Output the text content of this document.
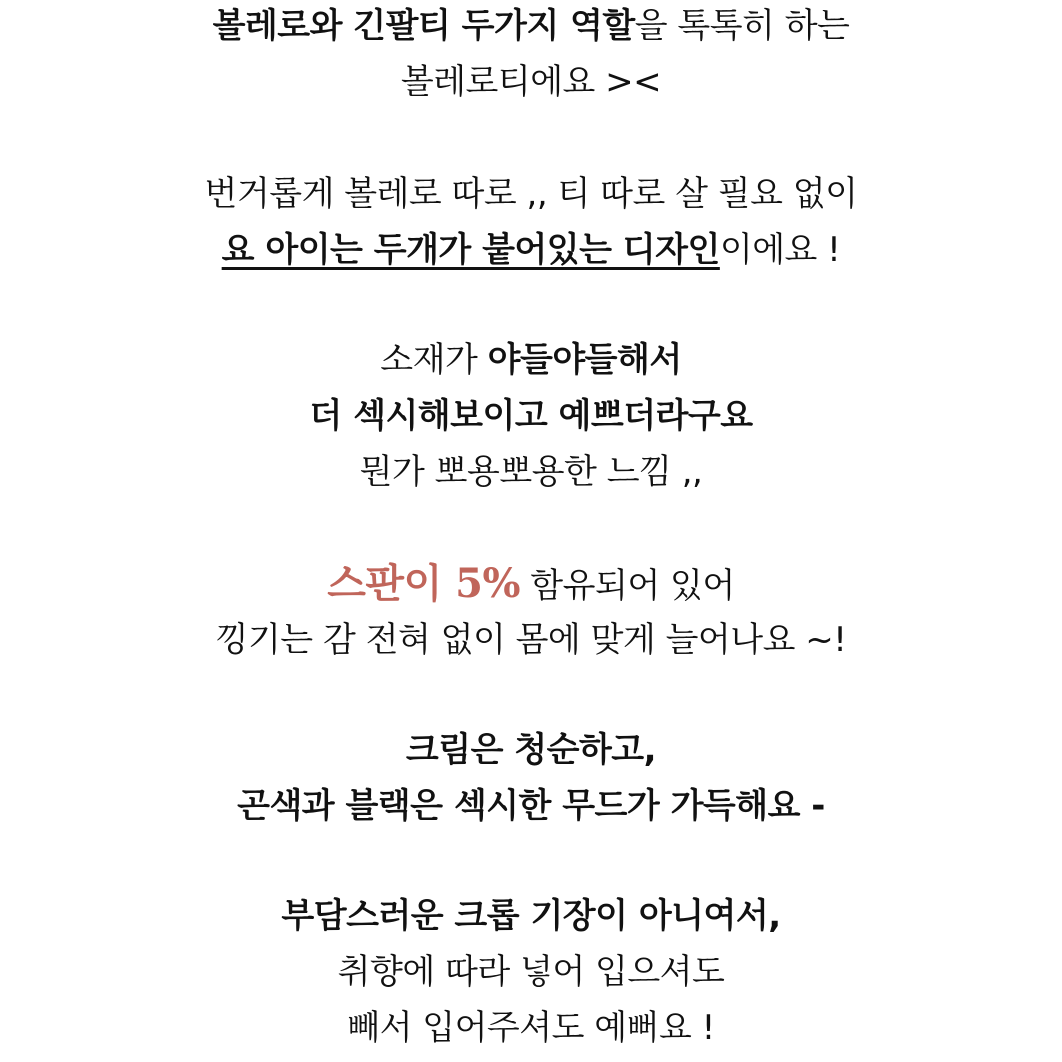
볼레로와 긴팔티 두가지 역할을 톡톡히 하는
볼레로티에요 ><
번거롭게 볼레로 따로 ,, 티 따로 살 필요 없이
요 아이는 두개가 붙어있는 디자인이에요 !
소재가 야들야들해서
더 섹시해보이고 예쁘더라구요
뭔가 뽀용뽀용한 느낌 ,,
스판이 5% 함유되어 있어
낑기는 감 전혀 없이 몸에 맞게 늘어나요 ~!
크림은 청순하고,
곤색과 블랙은 섹시한 무드가 가득해요 -
부담스러운 크롭 기장이 아니여서,
취향에 따라 넣어 입으셔도
빼서 입어주셔도 예뻐요 !
